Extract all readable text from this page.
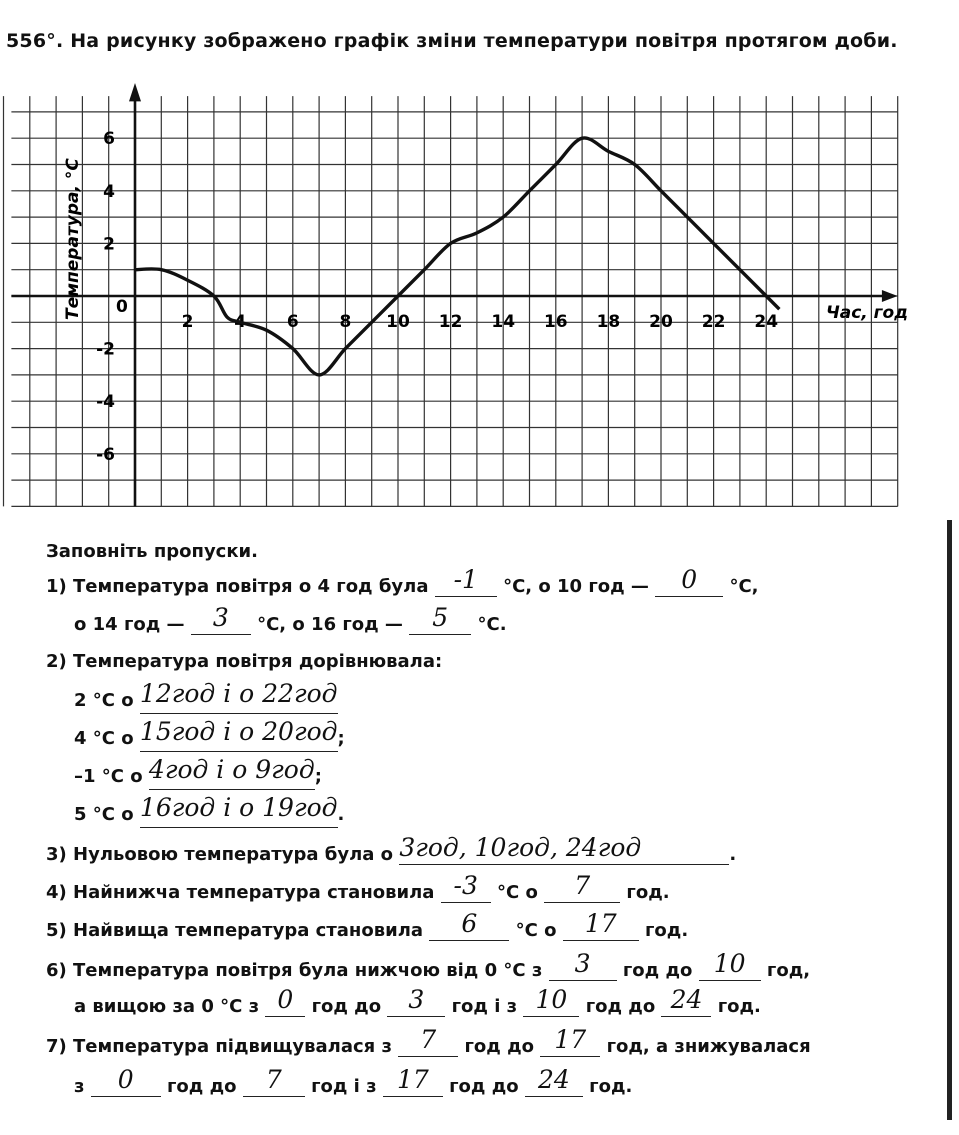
556°. На рисунку зображено графік зміни температури повітря протягом доби.
2 4 6 8 10 12 14 16 18 20 22 24
6
4
2
-2
-4
-6
0	Час, год
Температура, °С
Заповніть пропуски.
1) Температура повітря о 4 год була -1 °С, о 10 год — 0 °С,
о 14 год — 3 °С, о 16 год — 5 °С.
2) Температура повітря дорівнювала:
2 °С о 12год і о 22год
4 °С о 15год і о 20год;
–1 °С о 4год і о 9год;
5 °С о 16год і о 19год.
3) Нульовою температура була о 3год, 10год, 24год	.
4) Найнижча температура становила -3 °С о 7 год.
5) Найвища температура становила 6 °С о 17 год.
6) Температура повітря була нижчою від 0 °С з 3 год до 10 год,
а вищою за 0 °С з 0 год до 3 год і з 10 год до 24 год.
7) Температура підвищувалася з 7 год до 17 год, а знижувалася
з 0 год до 7 год і з 17 год до 24 год.
